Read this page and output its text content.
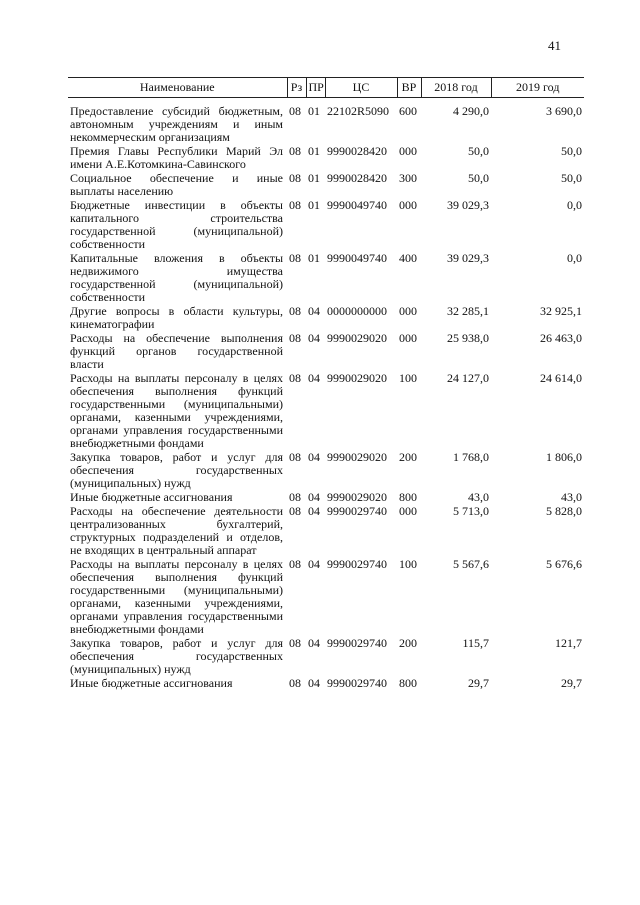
41
Наименование	Рз	ПР	ЦС	ВР	2018 год	2019 год
Предоставление субсидий бюджетным, автономным учреждениям и иным некоммерческим организациям	08	01	22102R5090	600	4 290,0	3 690,0
Премия Главы Республики Марий Эл имени А.Е.Котомкина-Савинского	08	01	9990028420	000	50,0	50,0
Социальное обеспечение и иные выплаты населению	08	01	9990028420	300	50,0	50,0
Бюджетные инвестиции в объекты капитального строительства государственной (муниципальной) собственности	08	01	9990049740	000	39 029,3	0,0
Капитальные вложения в объекты недвижимого имущества государственной (муниципальной) собственности	08	01	9990049740	400	39 029,3	0,0
Другие вопросы в области культуры, кинематографии	08	04	0000000000	000	32 285,1	32 925,1
Расходы на обеспечение выполнения функций органов государственной власти	08	04	9990029020	000	25 938,0	26 463,0
Расходы на выплаты персоналу в целях обеспечения выполнения функций государственными (муниципальными) органами, казенными учреждениями, органами управления государственными внебюджетными фондами	08	04	9990029020	100	24 127,0	24 614,0
Закупка товаров, работ и услуг для обеспечения государственных (муниципальных) нужд	08	04	9990029020	200	1 768,0	1 806,0
Иные бюджетные ассигнования	08	04	9990029020	800	43,0	43,0
Расходы на обеспечение деятельности централизованных бухгалтерий, структурных подразделений и отделов, не входящих в центральный аппарат	08	04	9990029740	000	5 713,0	5 828,0
Расходы на выплаты персоналу в целях обеспечения выполнения функций государственными (муниципальными) органами, казенными учреждениями, органами управления государственными внебюджетными фондами	08	04	9990029740	100	5 567,6	5 676,6
Закупка товаров, работ и услуг для обеспечения государственных (муниципальных) нужд	08	04	9990029740	200	115,7	121,7
Иные бюджетные ассигнования	08	04	9990029740	800	29,7	29,7
